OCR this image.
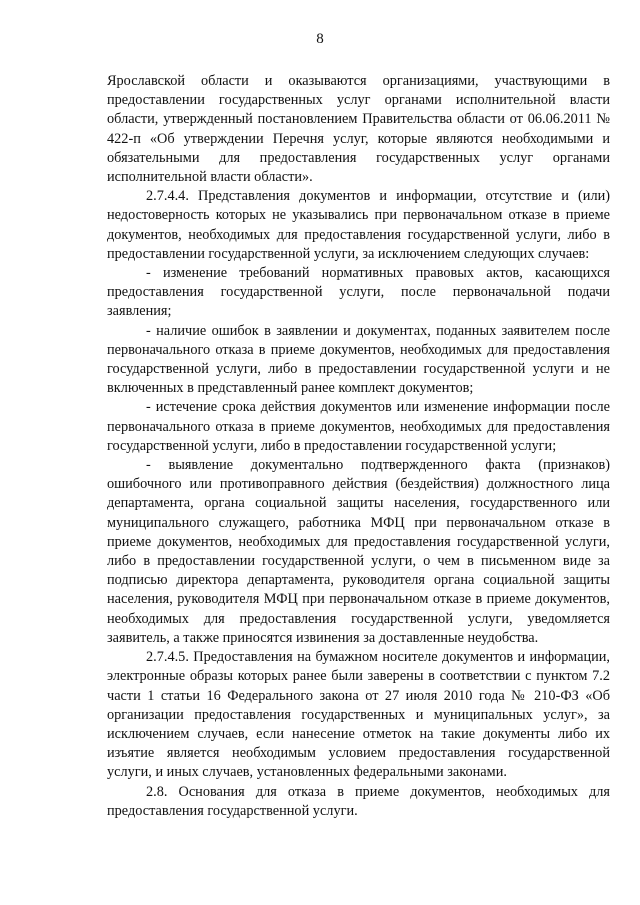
8

Ярославской области и оказываются организациями, участвующими в предоставлении государственных услуг органами исполнительной власти области, утвержденный постановлением Правительства области от 06.06.2011 № 422-п «Об утверждении Перечня услуг, которые являются необходимыми и обязательными для предоставления государственных услуг органами исполнительной власти области».

2.7.4.4. Представления документов и информации, отсутствие и (или) недостоверность которых не указывались при первоначальном отказе в приеме документов, необходимых для предоставления государственной услуги, либо в предоставлении государственной услуги, за исключением следующих случаев:

- изменение требований нормативных правовых актов, касающихся предоставления государственной услуги, после первоначальной подачи заявления;

- наличие ошибок в заявлении и документах, поданных заявителем после первоначального отказа в приеме документов, необходимых для предоставления государственной услуги, либо в предоставлении государственной услуги и не включенных в представленный ранее комплект документов;

- истечение срока действия документов или изменение информации после первоначального отказа в приеме документов, необходимых для предоставления государственной услуги, либо в предоставлении государственной услуги;

- выявление документально подтвержденного факта (признаков) ошибочного или противоправного действия (бездействия) должностного лица департамента, органа социальной защиты населения, государственного или муниципального служащего, работника МФЦ при первоначальном отказе в приеме документов, необходимых для предоставления государственной услуги, либо в предоставлении государственной услуги, о чем в письменном виде за подписью директора департамента, руководителя органа социальной защиты населения, руководителя МФЦ при первоначальном отказе в приеме документов, необходимых для предоставления государственной услуги, уведомляется заявитель, а также приносятся извинения за доставленные неудобства.

2.7.4.5. Предоставления на бумажном носителе документов и информации, электронные образы которых ранее были заверены в соответствии с пунктом 7.2 части 1 статьи 16 Федерального закона от 27 июля 2010 года № 210-ФЗ «Об организации предоставления государственных и муниципальных услуг», за исключением случаев, если нанесение отметок на такие документы либо их изъятие является необходимым условием предоставления государственной услуги, и иных случаев, установленных федеральными законами.

2.8. Основания для отказа в приеме документов, необходимых для предоставления государственной услуги.
